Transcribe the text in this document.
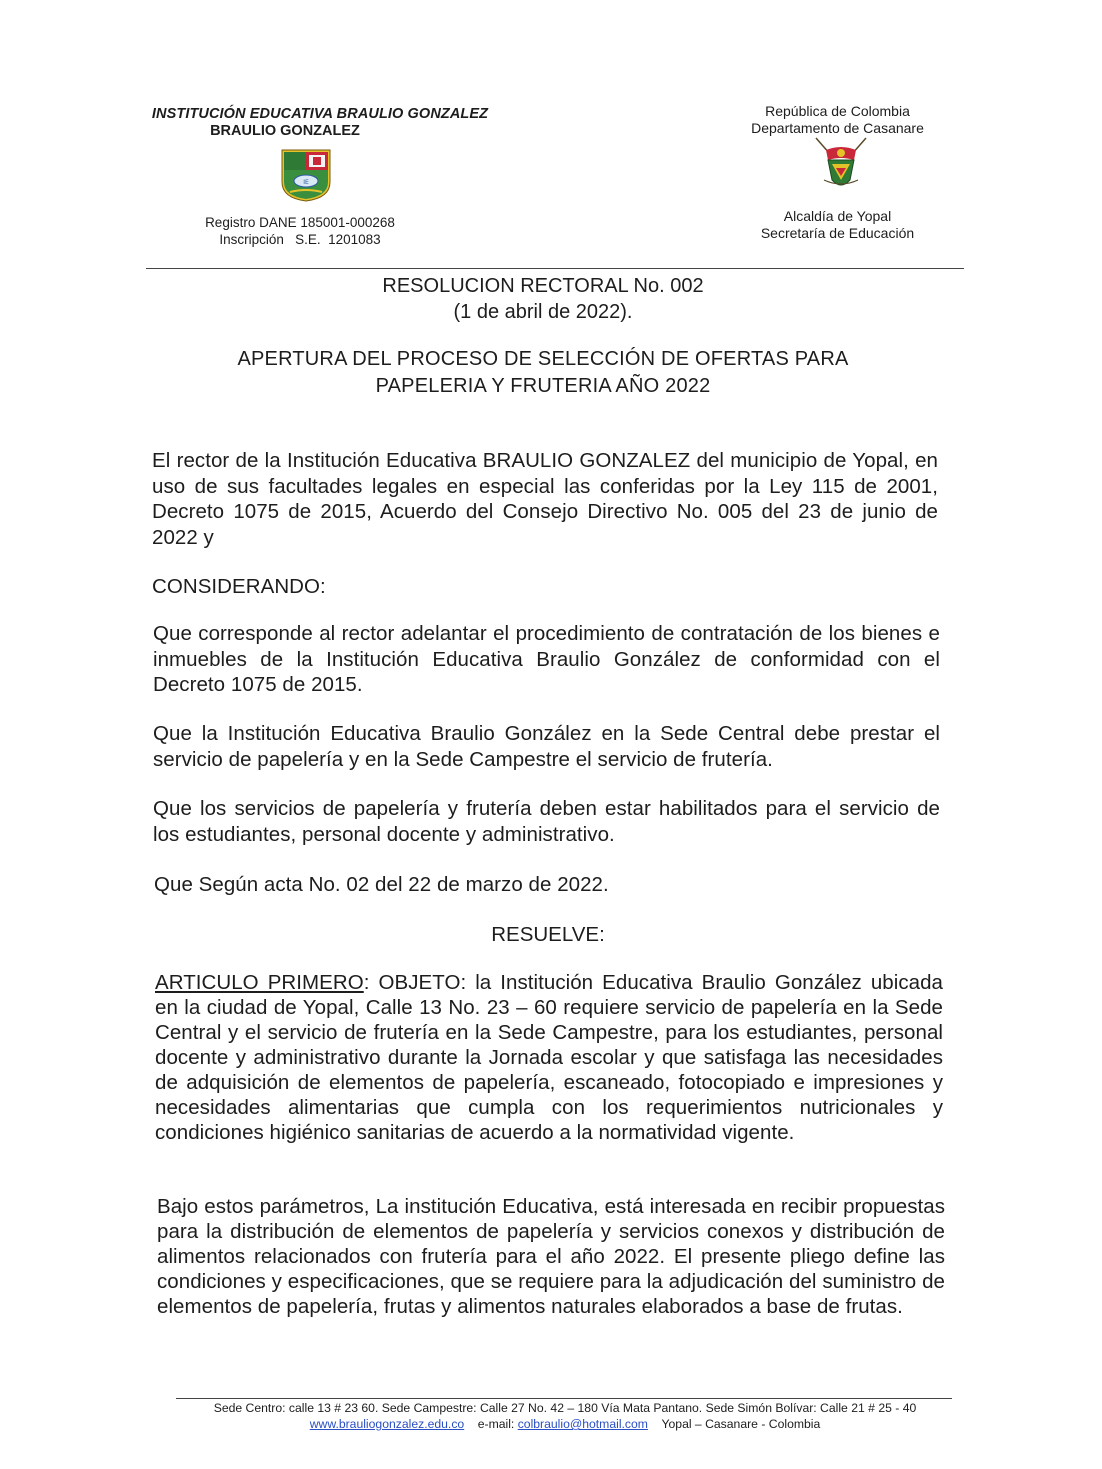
INSTITUCIÓN EDUCATIVA BRAULIO GONZALEZ
BRAULIO GONZALEZ
IE
Registro DANE 185001-000268
Inscripción   S.E.  1201083
República de Colombia
Departamento de Casanare
Alcaldía de Yopal
Secretaría de Educación
RESOLUCION RECTORAL No. 002
(1 de abril de 2022).
APERTURA DEL PROCESO DE SELECCIÓN DE OFERTAS PARA
PAPELERIA Y FRUTERIA AÑO 2022
El rector de la Institución Educativa BRAULIO GONZALEZ del municipio de Yopal, en uso de sus facultades legales en especial las conferidas por la Ley 115 de 2001, Decreto 1075 de 2015, Acuerdo del Consejo Directivo No. 005 del 23 de junio de 2022 y
CONSIDERANDO:
Que corresponde al rector adelantar el procedimiento de contratación de los bienes e inmuebles de la Institución Educativa Braulio González de conformidad con el Decreto 1075 de 2015.
Que la Institución Educativa Braulio González en la Sede Central debe prestar el servicio de papelería y en la Sede Campestre el servicio de frutería.
Que los servicios de papelería y frutería deben estar habilitados para el servicio de los estudiantes, personal docente y administrativo.
Que Según acta No. 02 del 22 de marzo de 2022.
RESUELVE:
ARTICULO PRIMERO: OBJETO: la Institución Educativa Braulio González ubicada en la ciudad de Yopal, Calle 13 No. 23 – 60 requiere servicio de papelería en la Sede Central y el servicio de frutería en la Sede Campestre, para los estudiantes, personal docente y administrativo durante la Jornada escolar y que satisfaga las necesidades de adquisición de elementos de papelería, escaneado, fotocopiado e impresiones y necesidades alimentarias que cumpla con los requerimientos nutricionales y condiciones higiénico sanitarias de acuerdo a la normatividad vigente.
Bajo estos parámetros, La institución Educativa, está interesada en recibir propuestas para la distribución de elementos de papelería y servicios conexos y distribución de alimentos relacionados con frutería para el año 2022. El presente pliego define las condiciones y especificaciones, que se requiere para la adjudicación del suministro de elementos de papelería, frutas y alimentos naturales elaborados a base de frutas.
Sede Centro: calle 13 # 23 60. Sede Campestre: Calle 27 No. 42 – 180 Vía Mata Pantano. Sede Simón Bolívar: Calle 21 # 25 - 40
www.brauliogonzalez.edu.co e-mail: colbraulio@hotmail.com Yopal – Casanare - Colombia
